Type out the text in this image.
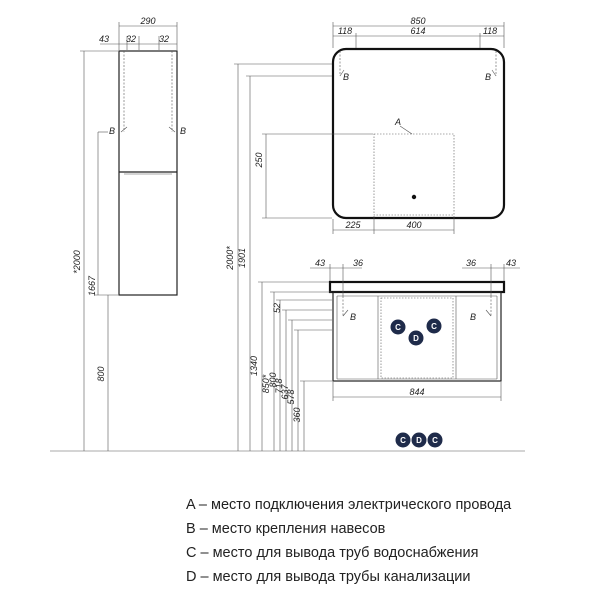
B	B
290
43 32	32
*2000
1667
800
B	B
A
850
118	614	118
225	400
2000* 1901
250
B	B
C	C
D
43	36	36	43
844
1340
850*
800
718
637
578
52
360
C D C
A – место подключения электрического провода
B – место крепления навесов
C – место для вывода труб водоснабжения
D – место для вывода трубы канализации
